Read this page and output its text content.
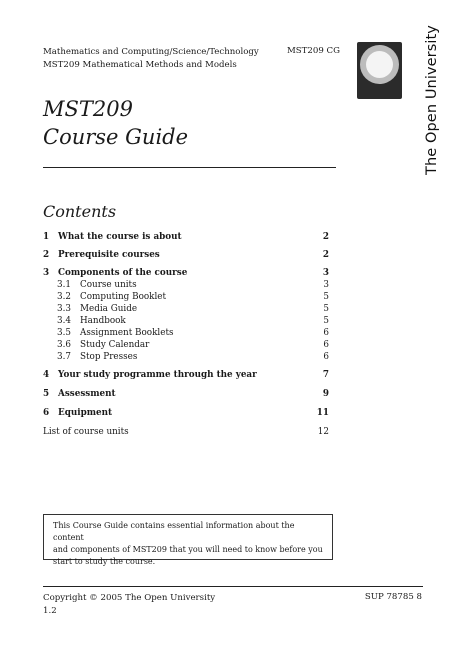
Mathematics and Computing/Science/Technology
MST209 Mathematical Methods and Models
MST209 CG	The Open University
MST209
Course Guide
Contents
1 What the course is about	2
2 Prerequisite courses	2
3 Components of the course	3
3.1 Course units	3
3.2 Computing Booklet	5
3.3 Media Guide	5
3.4 Handbook	5
3.5 Assignment Booklets	6
3.6 Study Calendar	6
3.7 Stop Presses	6
4 Your study programme through the year	7
5 Assessment	9
6 Equipment	11
List of course units	12
This Course Guide contains essential information about the content
and components of MST209 that you will need to know before you
start to study the course.
Copyright © 2005 The Open University
1.2
SUP 78785 8
